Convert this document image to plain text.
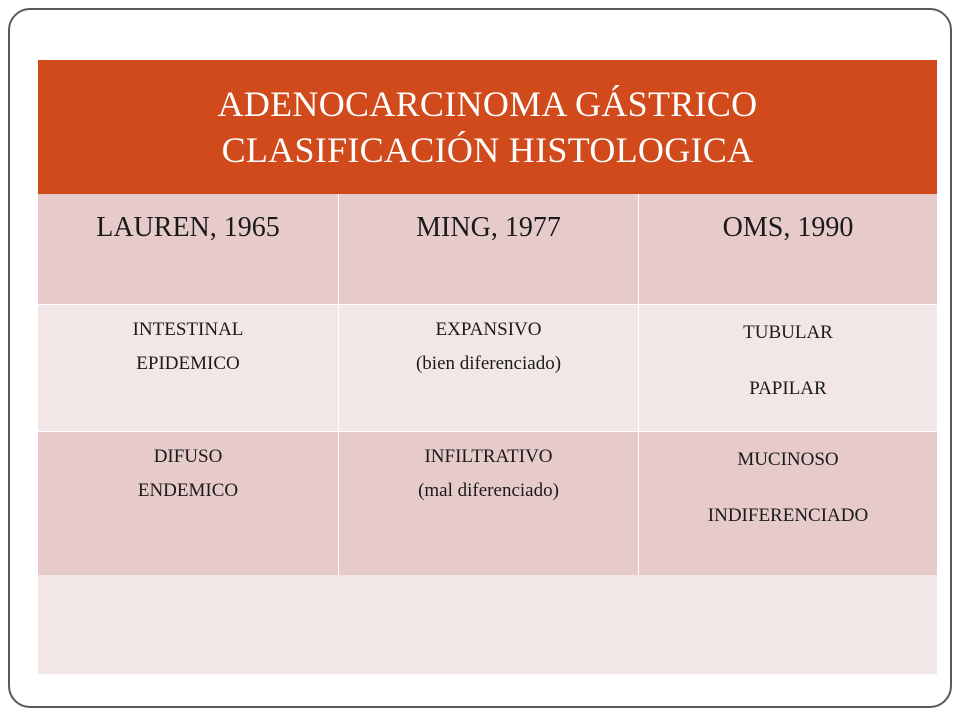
ADENOCARCINOMA GÁSTRICO
CLASIFICACIÓN HISTOLOGICA
LAUREN, 1965	MING, 1977	OMS, 1990
INTESTINAL
EPIDEMICO
EXPANSIVO
(bien diferenciado)
TUBULAR
PAPILAR
DIFUSO
ENDEMICO
INFILTRATIVO
(mal diferenciado)
MUCINOSO
INDIFERENCIADO
